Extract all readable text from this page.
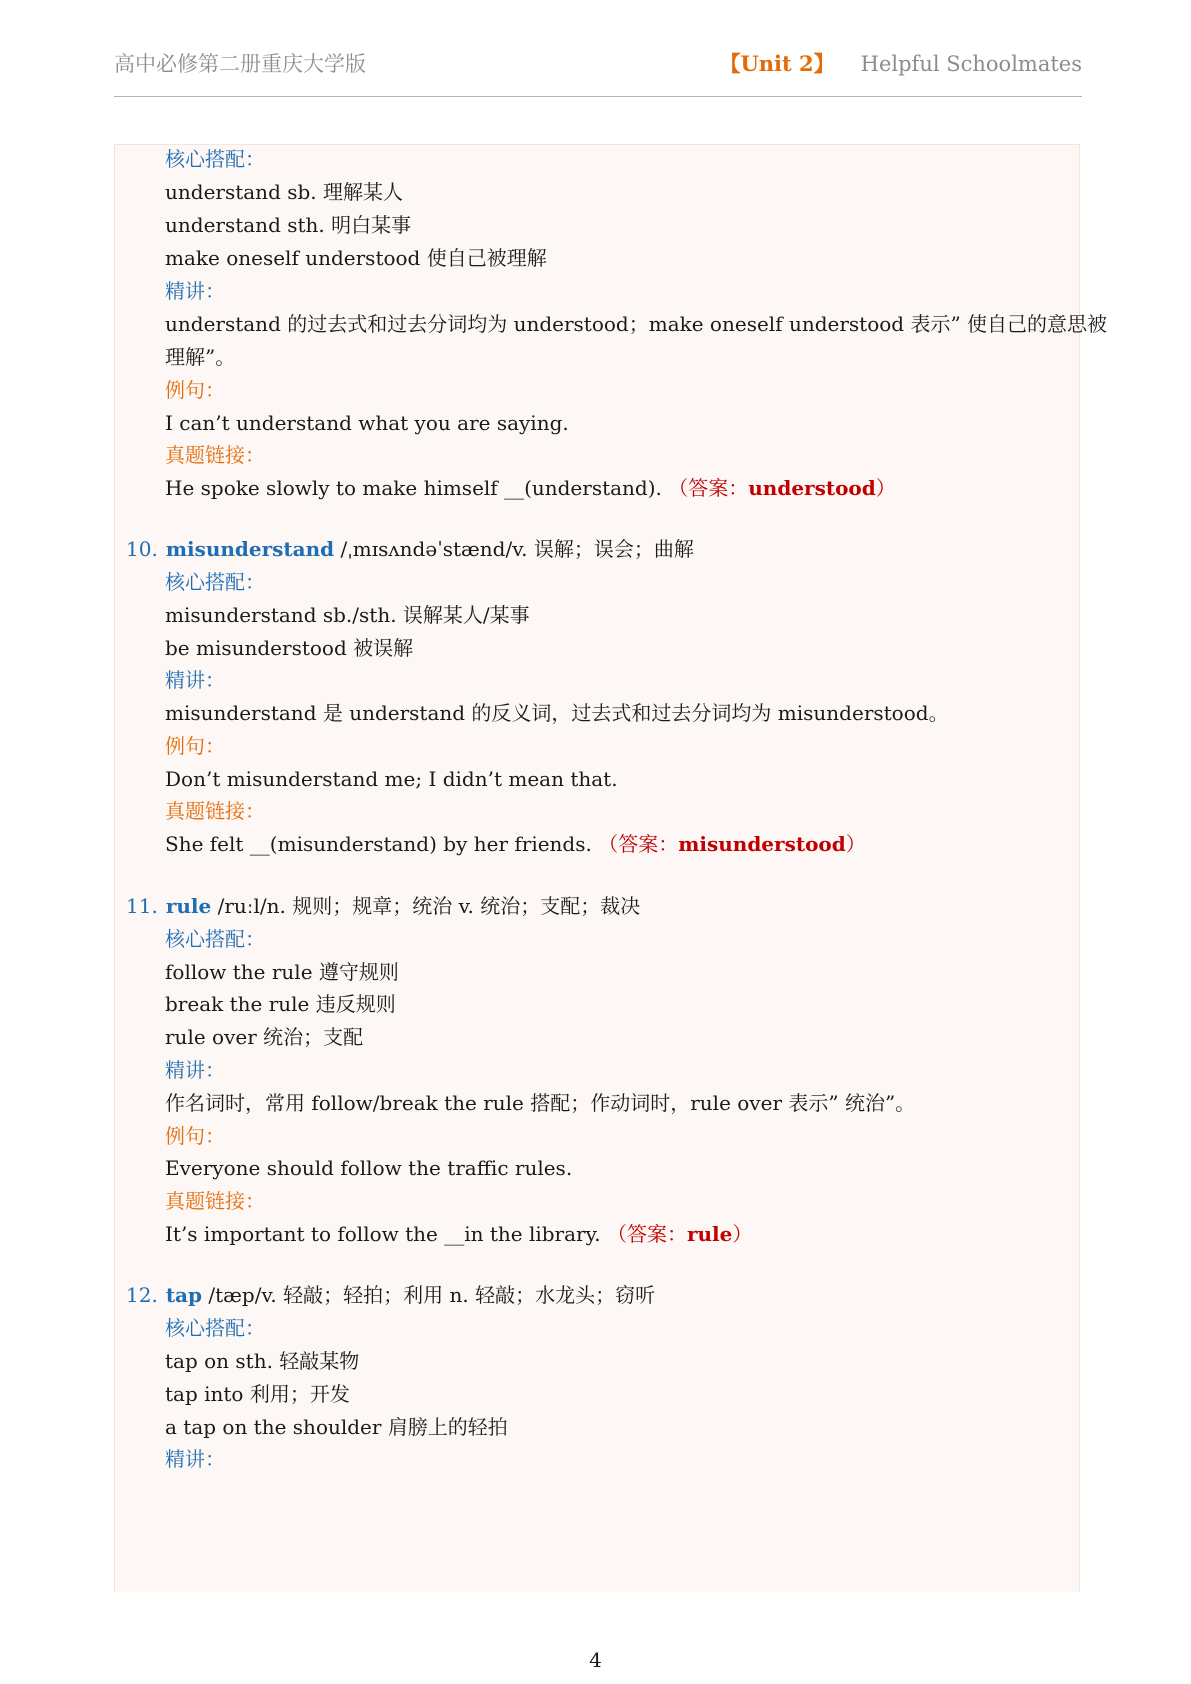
高中必修第二册重庆大学版	【Unit 2】 Helpful Schoolmates
核心搭配：
understand sb. 理解某人
understand sth. 明白某事
make oneself understood 使自己被理解
精讲：
understand 的过去式和过去分词均为 understood；make oneself understood 表示” 使自己的意思被
理解”。
例句：
I can’t understand what you are saying.
真题链接：
He spoke slowly to make himself __(understand). （答案：understood）
10. misunderstand /ˌmɪsʌndəˈstænd/v. 误解；误会；曲解
核心搭配：
misunderstand sb./sth. 误解某人/某事
be misunderstood 被误解
精讲：
misunderstand 是 understand 的反义词，过去式和过去分词均为 misunderstood。
例句：
Don’t misunderstand me; I didn’t mean that.
真题链接：
She felt __(misunderstand) by her friends. （答案：misunderstood）
11. rule /ruːl/n. 规则；规章；统治 v. 统治；支配；裁决
核心搭配：
follow the rule 遵守规则
break the rule 违反规则
rule over 统治；支配
精讲：
作名词时，常用 follow/break the rule 搭配；作动词时，rule over 表示” 统治”。
例句：
Everyone should follow the traffic rules.
真题链接：
It’s important to follow the __in the library. （答案：rule）
12. tap /tæp/v. 轻敲；轻拍；利用 n. 轻敲；水龙头；窃听
核心搭配：
tap on sth. 轻敲某物
tap into 利用；开发
a tap on the shoulder 肩膀上的轻拍
精讲：
4
